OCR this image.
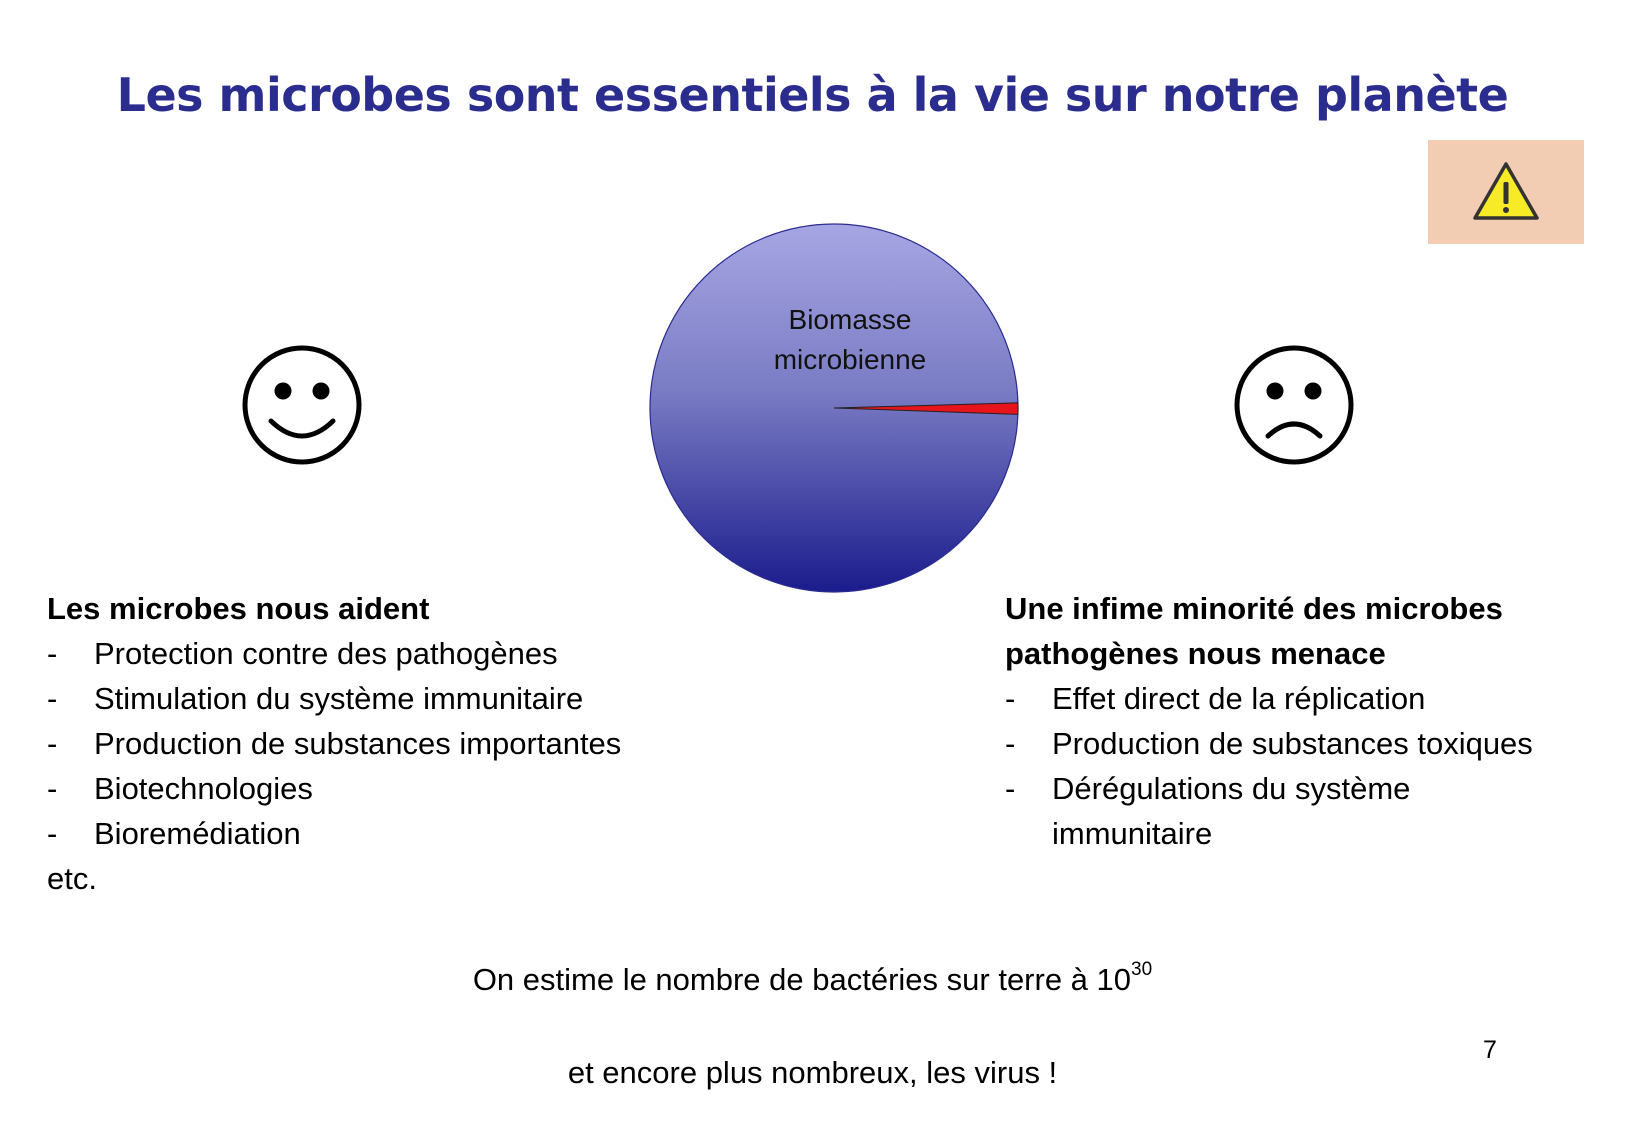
Les microbes sont essentiels à la vie sur notre planète
Biomasse
microbienne
Les microbes nous aident
- Protection contre des pathogènes
- Stimulation du système immunitaire
- Production de substances importantes
- Biotechnologies
- Bioremédiation
etc.
Une infime minorité des microbes
pathogènes nous menace
- Effet direct de la réplication
- Production de substances toxiques
- Dérégulations du système immunitaire
On estime le nombre de bactéries sur terre à $10^{30}$
et encore plus nombreux, les virus !
7
